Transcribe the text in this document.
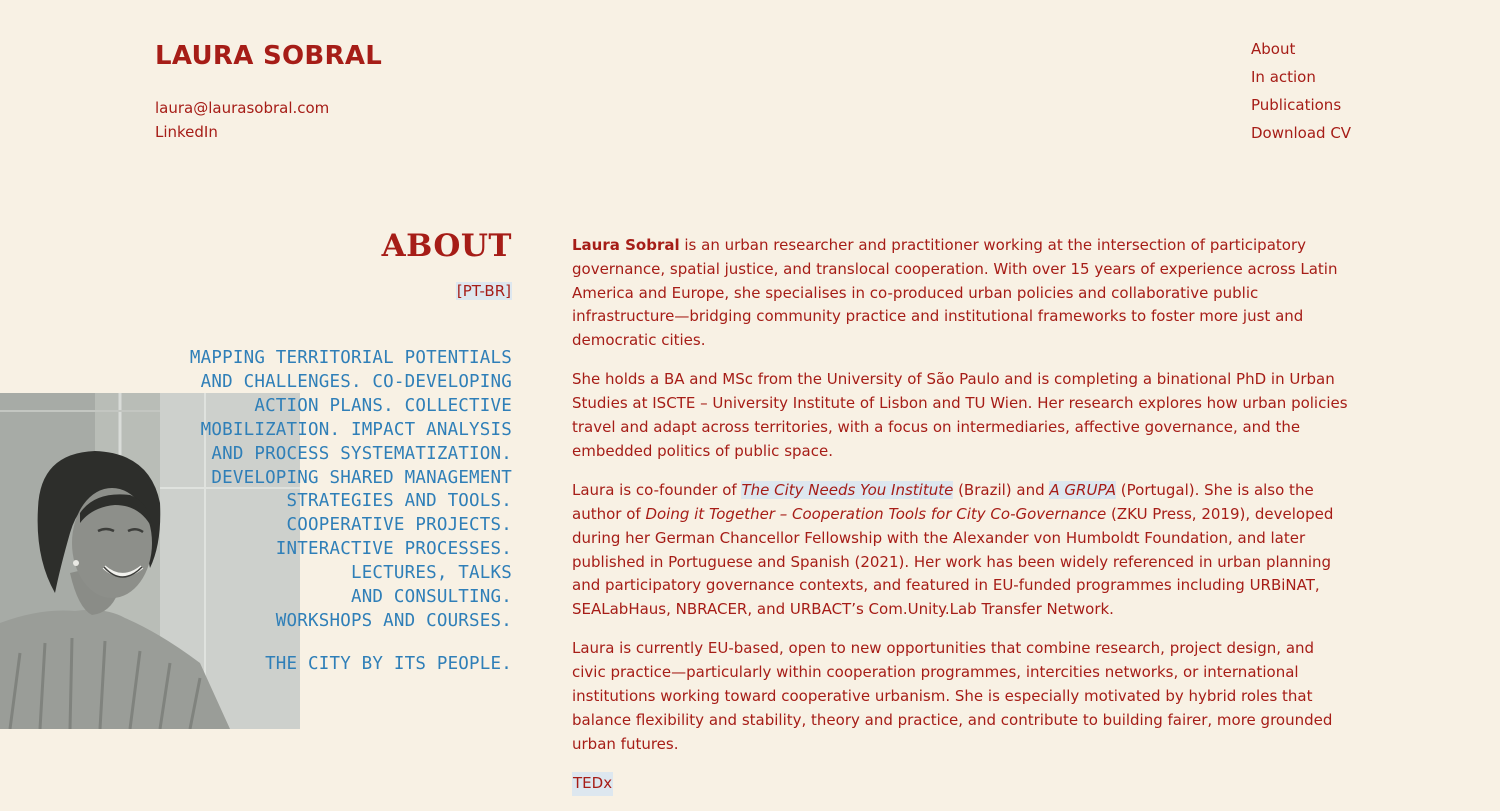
LAURA SOBRAL
laura@laurasobral.com
LinkedIn
About
In action
Publications
Download CV
ABOUT
[PT-BR]
MAPPING TERRITORIAL POTENTIALS
AND CHALLENGES. CO-DEVELOPING
ACTION PLANS. COLLECTIVE
MOBILIZATION. IMPACT ANALYSIS
AND PROCESS SYSTEMATIZATION.
DEVELOPING SHARED MANAGEMENT
STRATEGIES AND TOOLS.
COOPERATIVE PROJECTS.
INTERACTIVE PROCESSES.
LECTURES, TALKS
AND CONSULTING.
WORKSHOPS AND COURSES.
THE CITY BY ITS PEOPLE.

Laura Sobral is an urban researcher and practitioner working at the intersection of participatory governance, spatial justice, and translocal cooperation. With over 15 years of experience across Latin America and Europe, she specialises in co-produced urban policies and collaborative public infrastructure—bridging community practice and institutional frameworks to foster more just and democratic cities.

She holds a BA and MSc from the University of São Paulo and is completing a binational PhD in Urban Studies at ISCTE – University Institute of Lisbon and TU Wien. Her research explores how urban policies travel and adapt across territories, with a focus on intermediaries, affective governance, and the embedded politics of public space.

Laura is co-founder of The City Needs You Institute (Brazil) and A GRUPA (Portugal). She is also the author of Doing it Together – Cooperation Tools for City Co-Governance (ZKU Press, 2019), developed during her German Chancellor Fellowship with the Alexander von Humboldt Foundation, and later published in Portuguese and Spanish (2021). Her work has been widely referenced in urban planning and participatory governance contexts, and featured in EU-funded programmes including URBiNAT, SEALabHaus, NBRACER, and URBACT’s Com.Unity.Lab Transfer Network.

Laura is currently EU-based, open to new opportunities that combine research, project design, and civic practice—particularly within cooperation programmes, intercities networks, or international institutions working toward cooperative urbanism. She is especially motivated by hybrid roles that balance flexibility and stability, theory and practice, and contribute to building fairer, more grounded urban futures.

TEDx
